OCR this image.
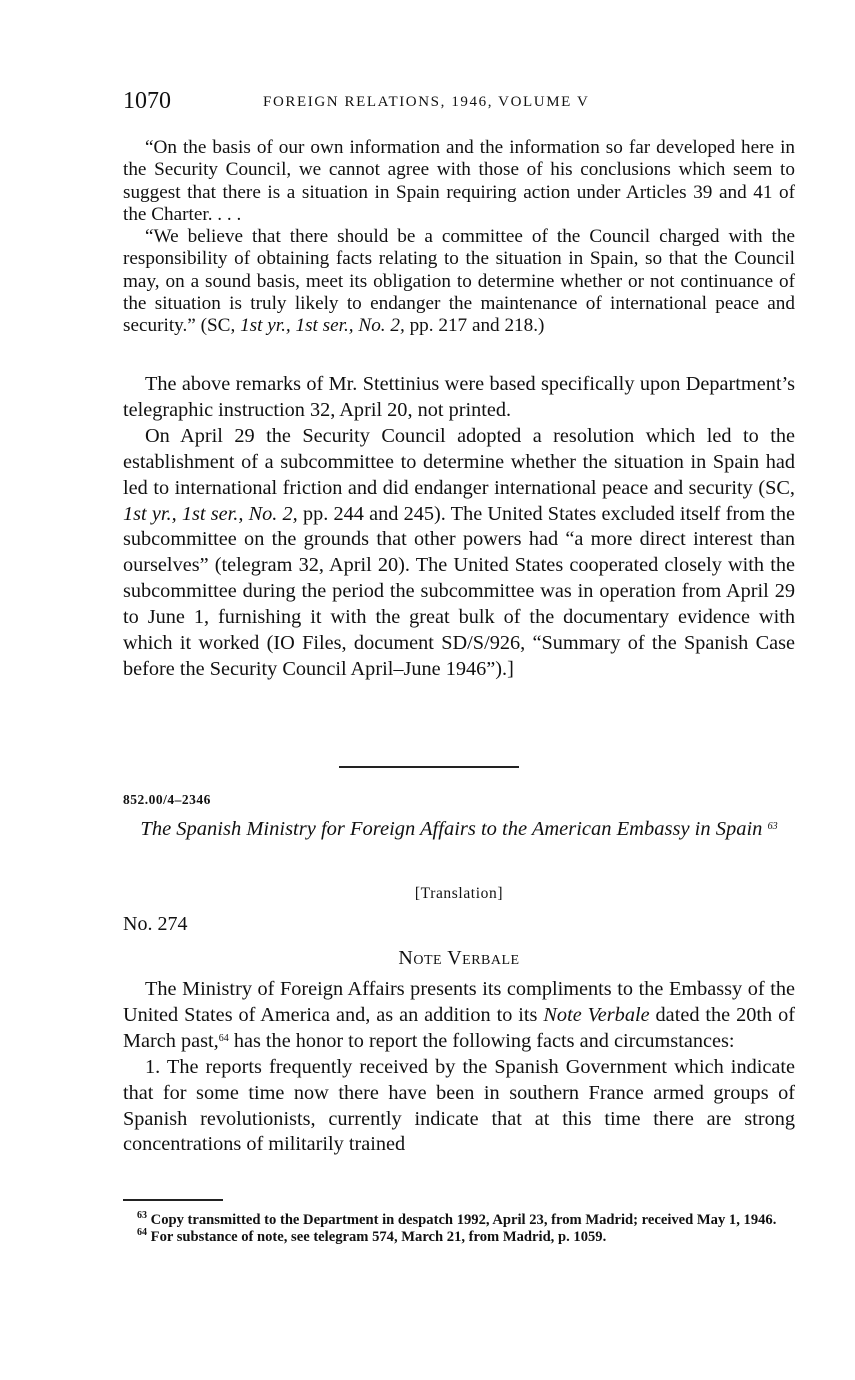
1070	FOREIGN RELATIONS, 1946, VOLUME V

“On the basis of our own information and the information so far developed here in the Security Council, we cannot agree with those of his conclusions which seem to suggest that there is a situation in Spain requiring action under Articles 39 and 41 of the Charter. . . .

“We believe that there should be a committee of the Council charged with the responsibility of obtaining facts relating to the situation in Spain, so that the Council may, on a sound basis, meet its obligation to determine whether or not continuance of the situation is truly likely to endanger the maintenance of international peace and security.” (SC, 1st yr., 1st ser., No. 2, pp. 217 and 218.)

The above remarks of Mr. Stettinius were based specifically upon Department’s telegraphic instruction 32, April 20, not printed.

On April 29 the Security Council adopted a resolution which led to the establishment of a subcommittee to determine whether the situation in Spain had led to international friction and did endanger international peace and security (SC, 1st yr., 1st ser., No. 2, pp. 244 and 245). The United States excluded itself from the subcommittee on the grounds that other powers had “a more direct interest than ourselves” (telegram 32, April 20). The United States cooperated closely with the subcommittee during the period the subcommittee was in operation from April 29 to June 1, furnishing it with the great bulk of the documentary evidence with which it worked (IO Files, document SD/S/926, “Summary of the Spanish Case before the Security Council April–June 1946”).]

852.00/4–2346
The Spanish Ministry for Foreign Affairs to the American Embassy in Spain $^{63}$
[Translation]
No. 274
Note Verbale

The Ministry of Foreign Affairs presents its compliments to the Embassy of the United States of America and, as an addition to its Note Verbale dated the 20th of March past,$^{64}$ has the honor to report the following facts and circumstances:

1. The reports frequently received by the Spanish Government which indicate that for some time now there have been in southern France armed groups of Spanish revolutionists, currently indicate that at this time there are strong concentrations of militarily trained

$^{63}$ Copy transmitted to the Department in despatch 1992, April 23, from Madrid; received May 1, 1946.

$^{64}$ For substance of note, see telegram 574, March 21, from Madrid, p. 1059.
